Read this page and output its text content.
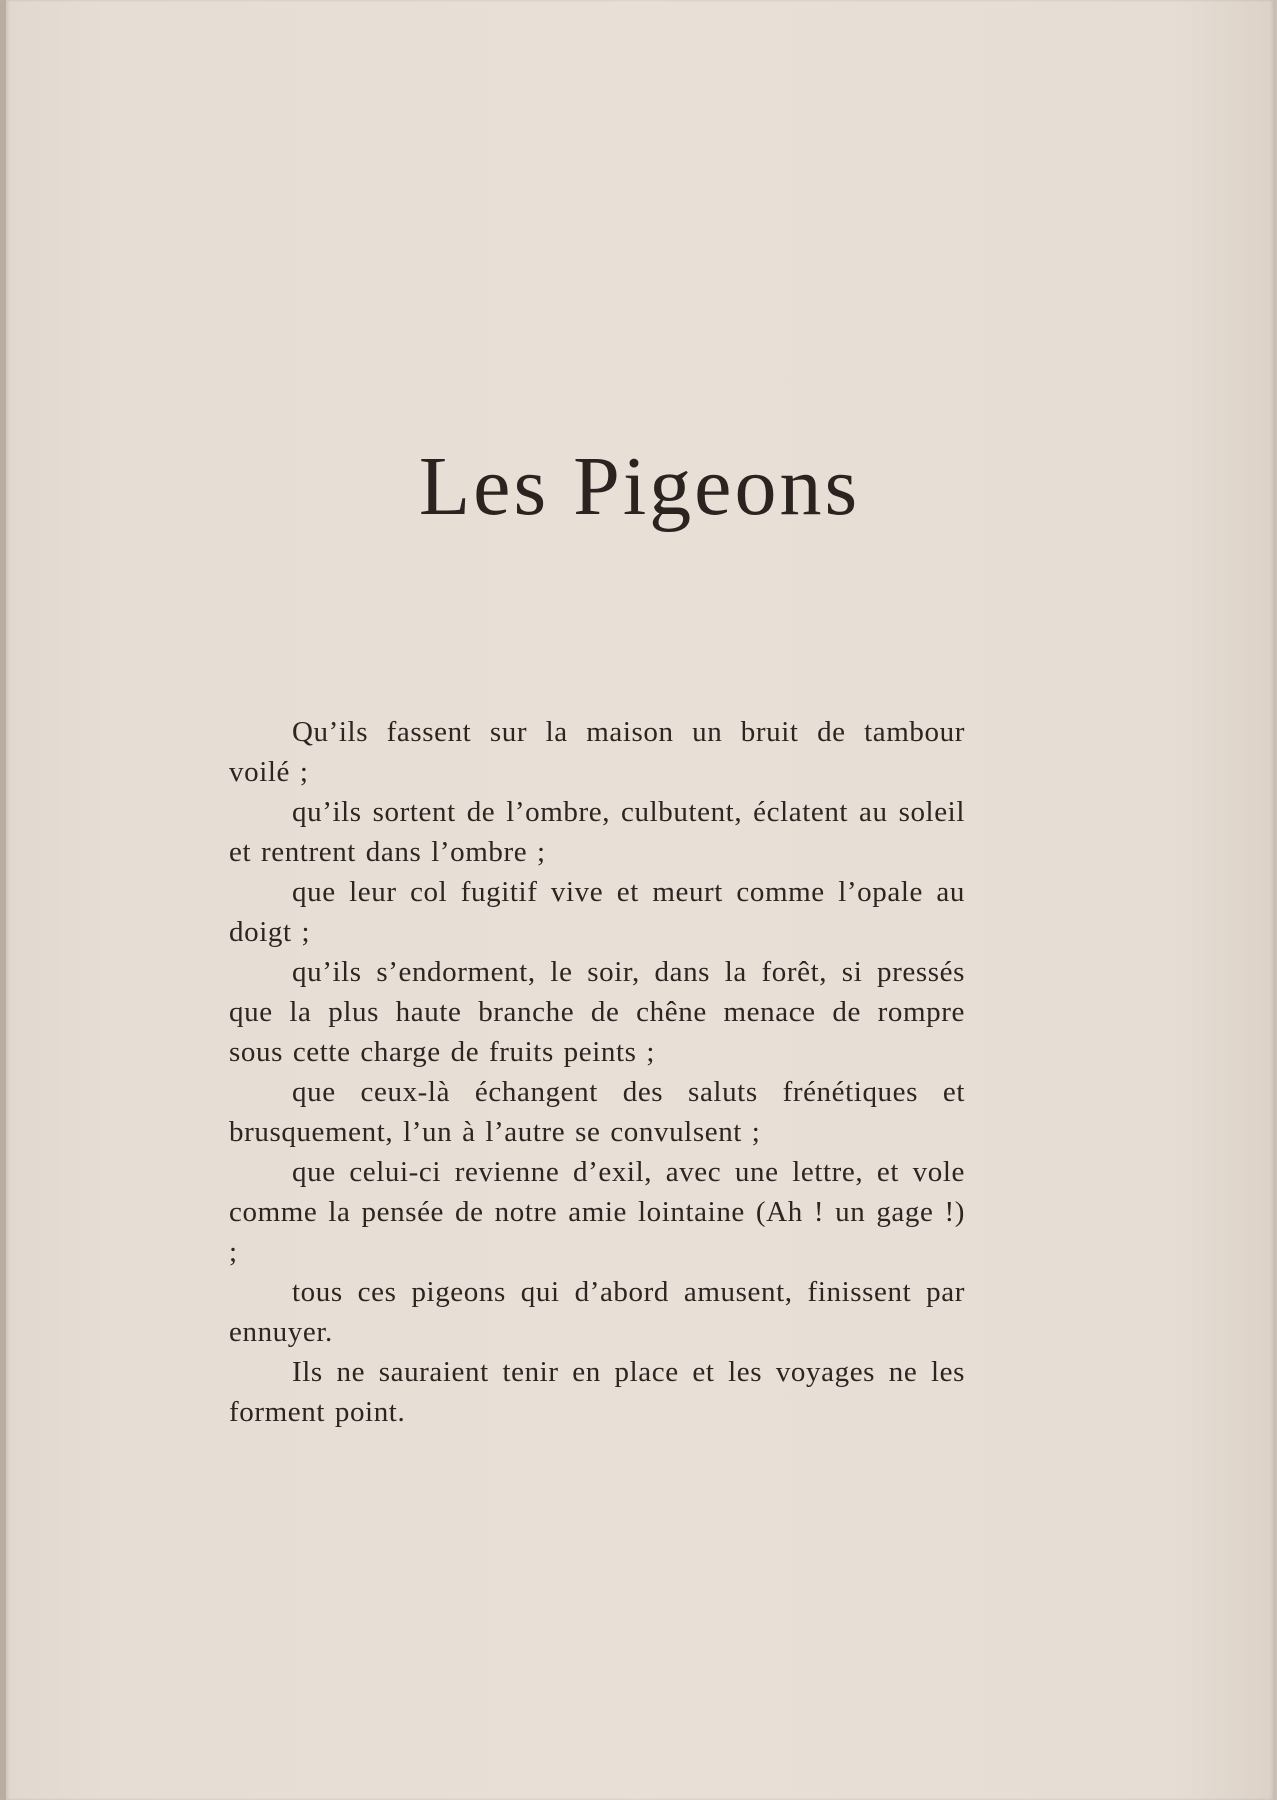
Les Pigeons

Qu’ils fassent sur la maison un bruit de tambour voilé ;

qu’ils sortent de l’ombre, culbutent, éclatent au soleil et rentrent dans l’ombre ;

que leur col fugitif vive et meurt comme l’opale au doigt ;

qu’ils s’endorment, le soir, dans la forêt, si pressés que la plus haute branche de chêne menace de rompre sous cette charge de fruits peints ;

que ceux-là échangent des saluts frénétiques et brusquement, l’un à l’autre se convulsent ;

que celui-ci revienne d’exil, avec une lettre, et vole comme la pensée de notre amie lointaine (Ah ! un gage !) ;

tous ces pigeons qui d’abord amusent, finissent par ennuyer.

Ils ne sauraient tenir en place et les voyages ne les forment point.
